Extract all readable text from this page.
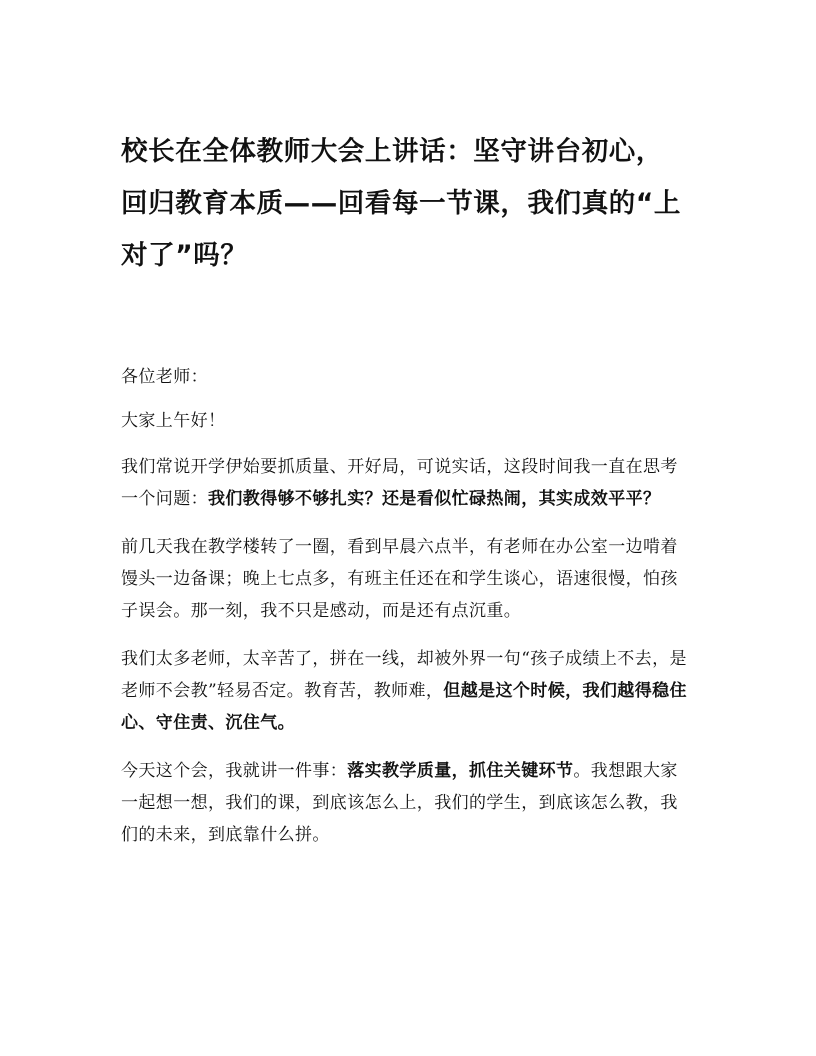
校长在全体教师大会上讲话：坚守讲台初心，回归教育本质——回看每一节课，我们真的“上对了”吗？

各位老师：

大家上午好！

我们常说开学伊始要抓质量、开好局，可说实话，这段时间我一直在思考一个问题：我们教得够不够扎实？还是看似忙碌热闹，其实成效平平？

前几天我在教学楼转了一圈，看到早晨六点半，有老师在办公室一边啃着馒头一边备课；晚上七点多，有班主任还在和学生谈心，语速很慢，怕孩子误会。那一刻，我不只是感动，而是还有点沉重。

我们太多老师，太辛苦了，拼在一线，却被外界一句“孩子成绩上不去，是老师不会教”轻易否定。教育苦，教师难，但越是这个时候，我们越得稳住心、守住责、沉住气。

今天这个会，我就讲一件事：落实教学质量，抓住关键环节。我想跟大家一起想一想，我们的课，到底该怎么上，我们的学生，到底该怎么教，我们的未来，到底靠什么拼。
